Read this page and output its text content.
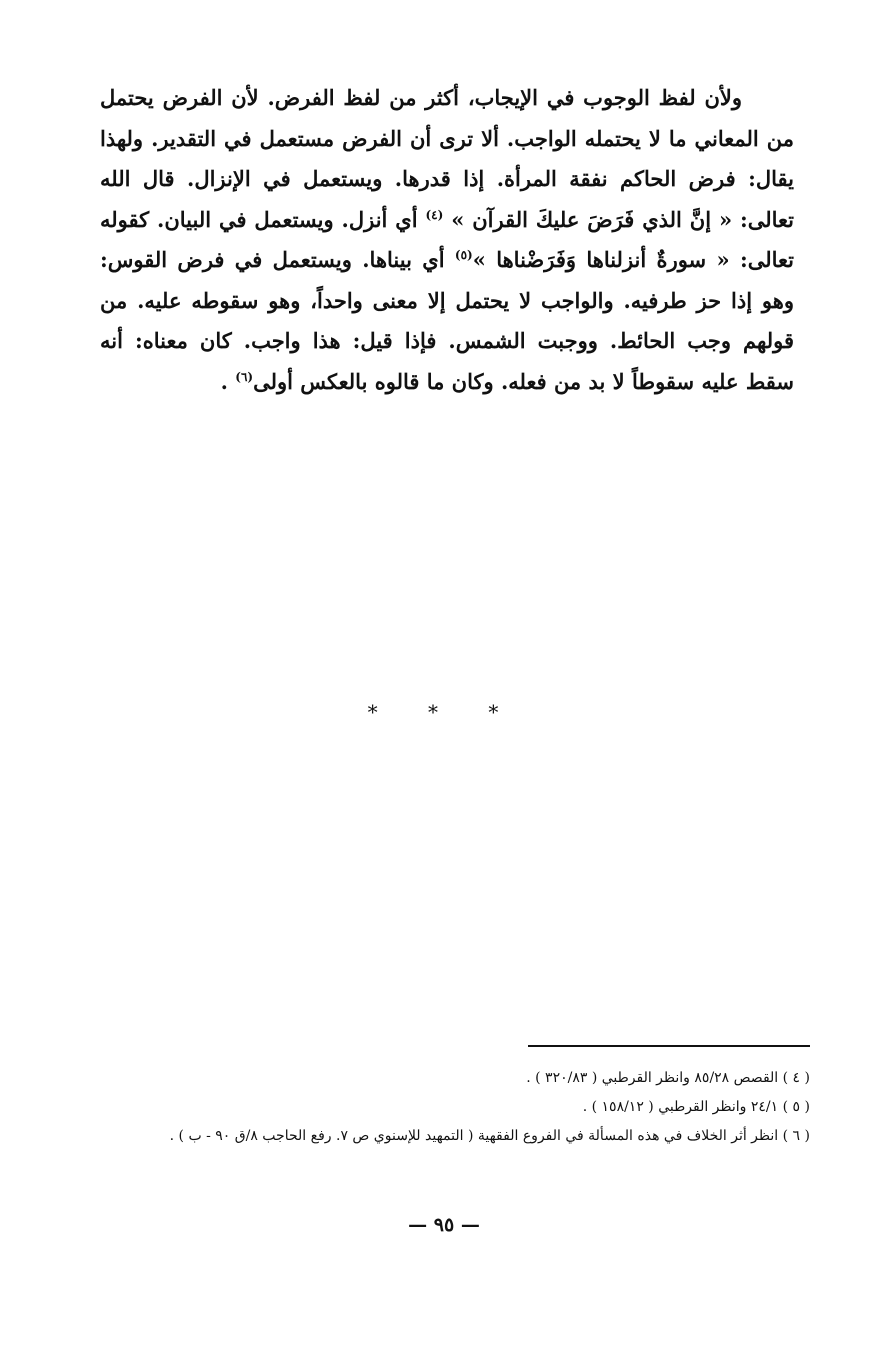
ولأن لفظ الوجوب في الإيجاب، أكثر من لفظ الفرض. لأن الفرض يحتمل من المعاني ما لا يحتمله الواجب. ألا ترى أن الفرض مستعمل في التقدير. ولهذا يقال: فرض الحاكم نفقة المرأة. إذا قدرها. ويستعمل في الإنزال. قال الله تعالى: « إنَّ الذي فَرَضَ عليكَ القرآن » $^{(٤)}$ أي أنزل. ويستعمل في البيان. كقوله تعالى: « سورةٌ أنزلناها وَفَرَضْناها »$^{(٥)}$ أي بيناها. ويستعمل في فرض القوس: وهو إذا حز طرفيه. والواجب لا يحتمل إلا معنى واحداً، وهو سقوطه عليه. من قولهم وجب الحائط. ووجبت الشمس. فإذا قيل: هذا واجب. كان معناه: أنه سقط عليه سقوطاً لا بد من فعله. وكان ما قالوه بالعكس أولى$^{(٦)}$ .

* * *

( ٤ ) القصص ٨٥/٢٨ وانظر القرطبي ( ٣٢٠/٨٣ ) .

( ٥ ) ٢٤/١ وانظر القرطبي ( ١٥٨/١٢ ) .

( ٦ ) انظر أثر الخلاف في هذه المسألة في الفروع الفقهية ( التمهيد للإسنوي ص ٧. رفع الحاجب ٨/ق ٩٠ - ب ) .

— ٩٥ —
